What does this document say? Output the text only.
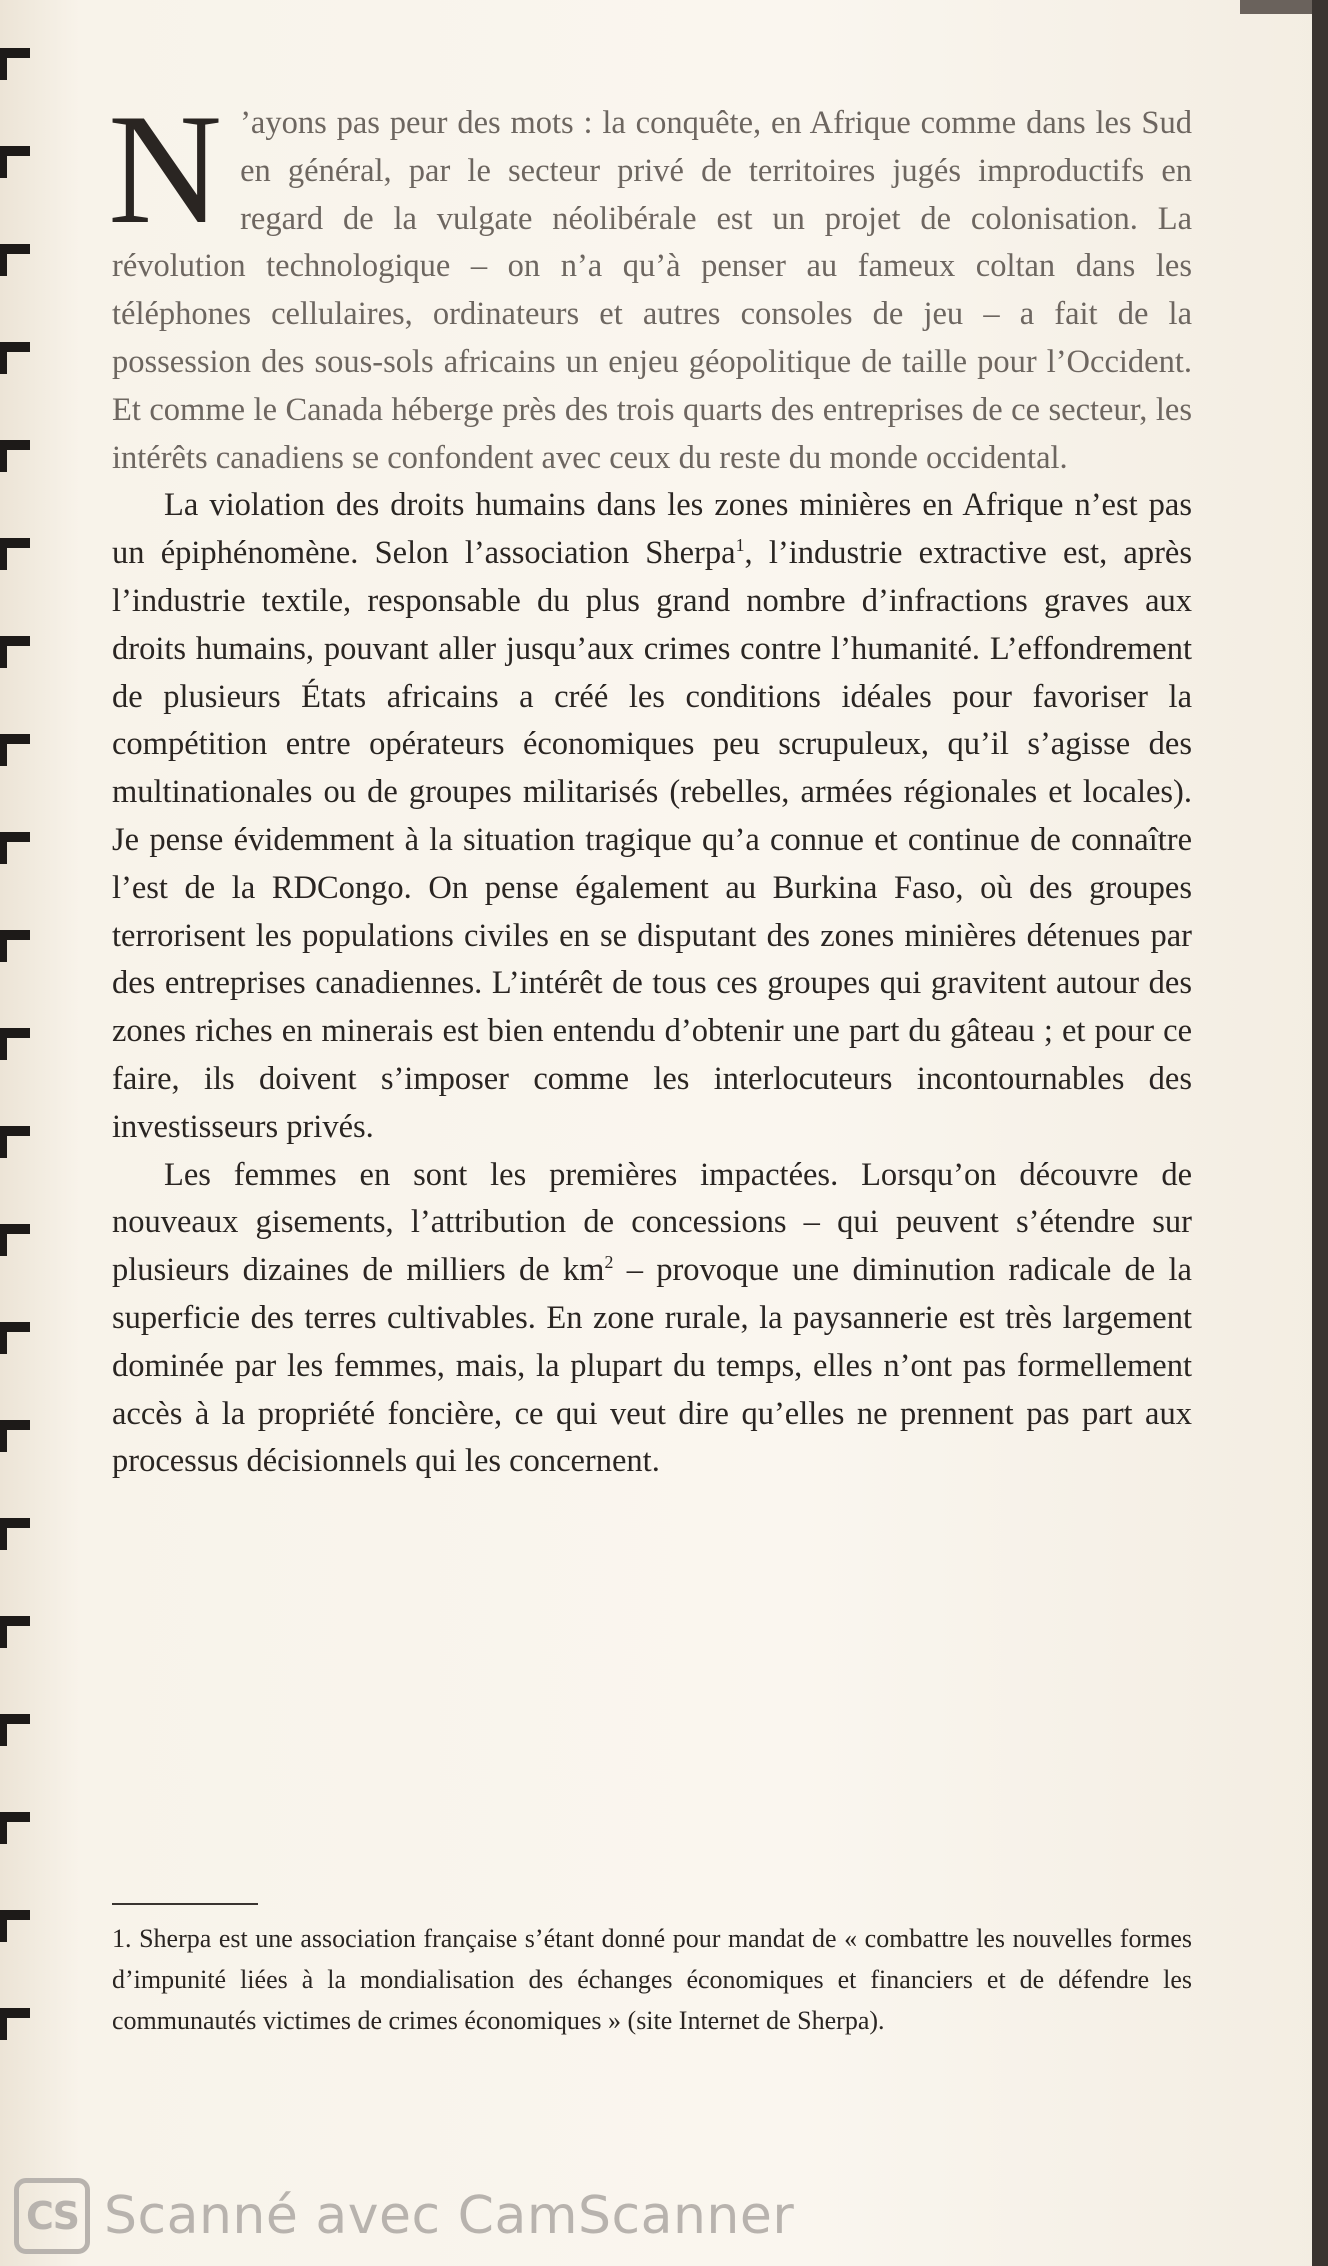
N ’ayons pas peur des mots : la conquête, en Afrique comme dans les Sud en général, par le secteur privé de territoires jugés improductifs en regard de la vulgate néolibérale est un projet de colonisation. La révolution technologique – on n’a qu’à penser au fameux coltan dans les téléphones cellulaires, ordinateurs et autres consoles de jeu – a fait de la possession des sous-sols africains un enjeu géopolitique de taille pour l’Occident. Et comme le Canada héberge près des trois quarts des entreprises de ce secteur, les intérêts canadiens se confondent avec ceux du reste du monde occidental.

La violation des droits humains dans les zones minières en Afrique n’est pas un épiphénomène. Selon l’association Sherpa$^1$, l’industrie extractive est, après l’industrie textile, responsable du plus grand nombre d’infractions graves aux droits humains, pouvant aller jusqu’aux crimes contre l’humanité. L’effondrement de plusieurs États africains a créé les conditions idéales pour favoriser la compétition entre opérateurs économiques peu scrupuleux, qu’il s’agisse des multinationales ou de groupes militarisés (rebelles, armées régionales et locales). Je pense évidemment à la situation tragique qu’a connue et continue de connaître l’est de la RDCongo. On pense également au Burkina Faso, où des groupes terrorisent les populations civiles en se disputant des zones minières détenues par des entreprises canadiennes. L’intérêt de tous ces groupes qui gravitent autour des zones riches en minerais est bien entendu d’obtenir une part du gâteau ; et pour ce faire, ils doivent s’imposer comme les interlocuteurs incontournables des investisseurs privés.

Les femmes en sont les premières impactées. Lorsqu’on découvre de nouveaux gisements, l’attribution de concessions – qui peuvent s’étendre sur plusieurs dizaines de milliers de $km^2$ – provoque une diminution radicale de la superficie des terres cultivables. En zone rurale, la paysannerie est très largement dominée par les femmes, mais, la plupart du temps, elles n’ont pas formellement accès à la propriété foncière, ce qui veut dire qu’elles ne prennent pas part aux processus décisionnels qui les concernent.

1. Sherpa est une association française s’étant donné pour mandat de « combattre les nouvelles formes d’impunité liées à la mondialisation des échanges économiques et financiers et de défendre les communautés victimes de crimes économiques » (site Internet de Sherpa).

CS Scanné avec CamScanner
